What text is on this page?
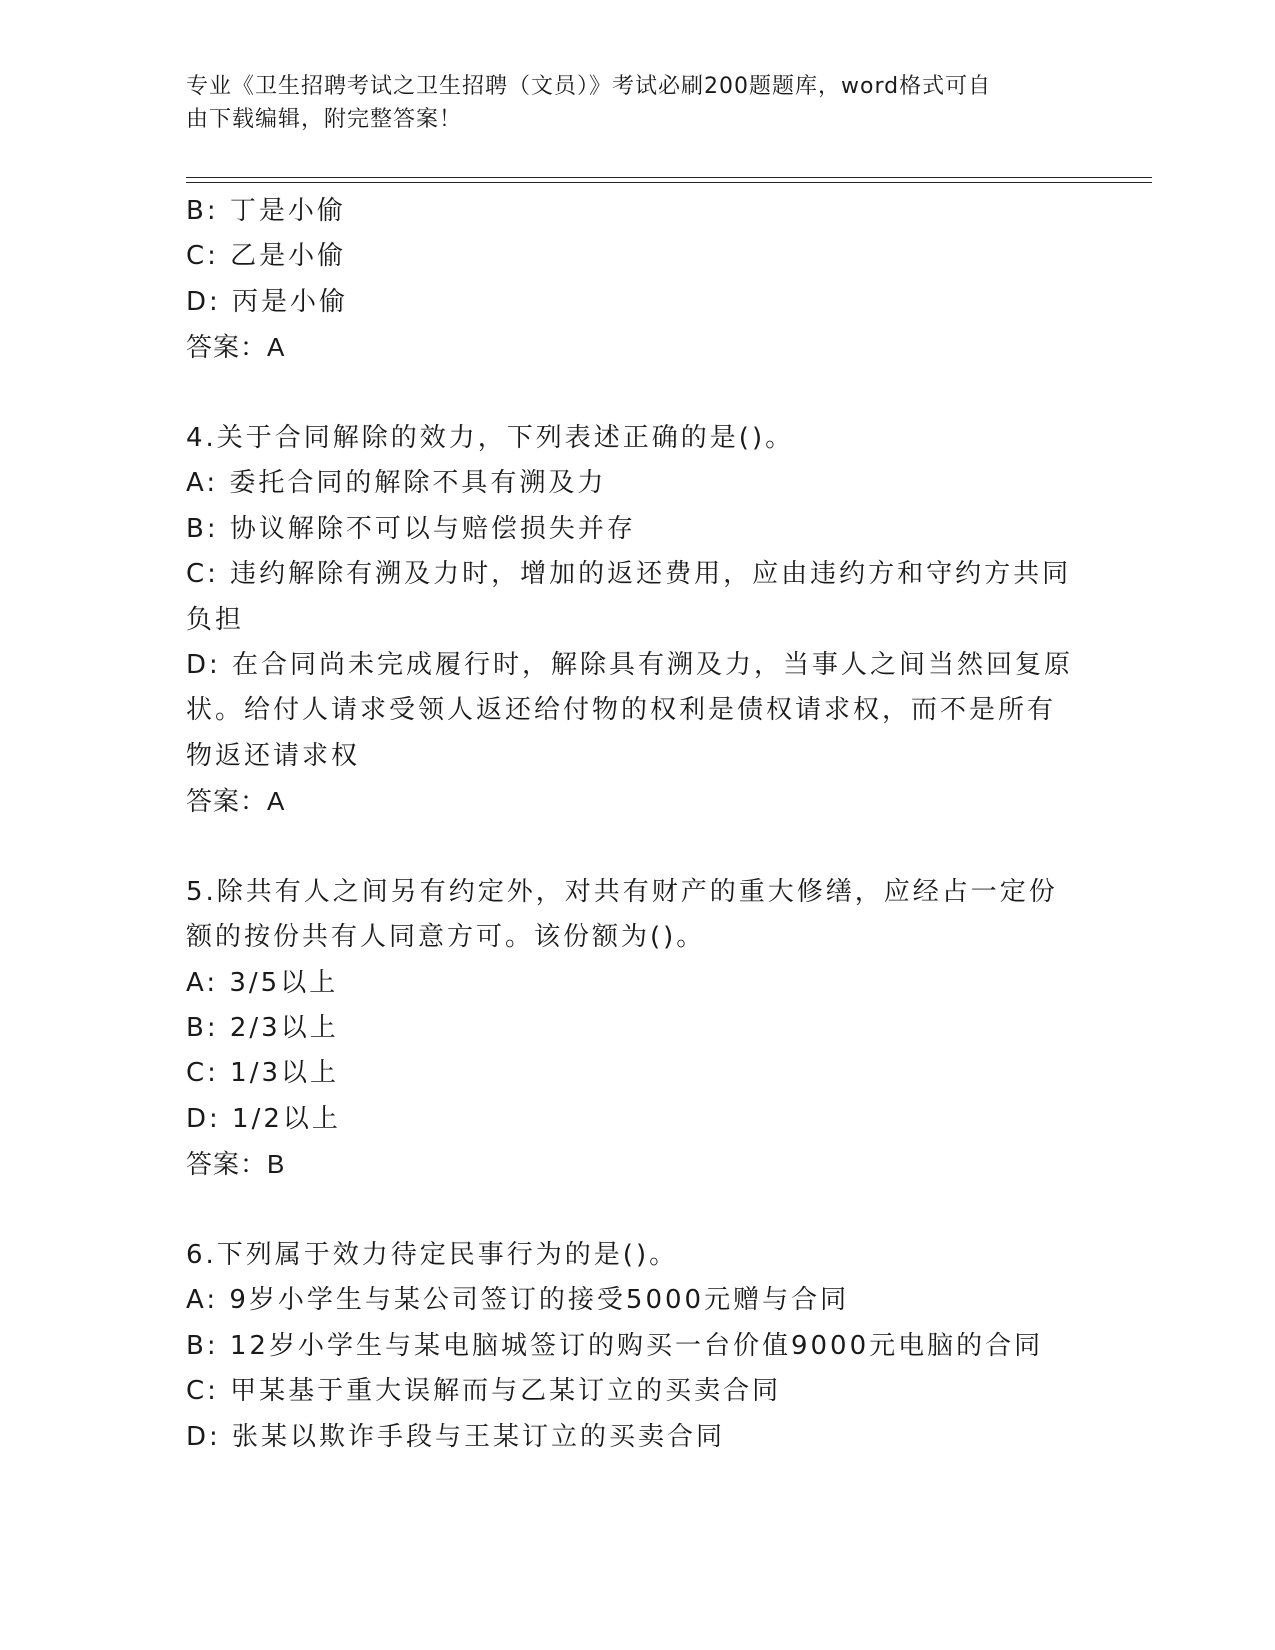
专业《卫生招聘考试之卫生招聘（文员）》考试必刷200题题库，word格式可自
由下载编辑，附完整答案！
B: 丁是小偷
C: 乙是小偷
D: 丙是小偷
答案：A
4.关于合同解除的效力，下列表述正确的是()。
A: 委托合同的解除不具有溯及力
B: 协议解除不可以与赔偿损失并存
C: 违约解除有溯及力时，增加的返还费用，应由违约方和守约方共同
负担
D: 在合同尚未完成履行时，解除具有溯及力，当事人之间当然回复原
状。给付人请求受领人返还给付物的权利是债权请求权，而不是所有
物返还请求权
答案：A
5.除共有人之间另有约定外，对共有财产的重大修缮，应经占一定份
额的按份共有人同意方可。该份额为()。
A: 3/5以上
B: 2/3以上
C: 1/3以上
D: 1/2以上
答案：B
6.下列属于效力待定民事行为的是()。
A: 9岁小学生与某公司签订的接受5000元赠与合同
B: 12岁小学生与某电脑城签订的购买一台价值9000元电脑的合同
C: 甲某基于重大误解而与乙某订立的买卖合同
D: 张某以欺诈手段与王某订立的买卖合同
